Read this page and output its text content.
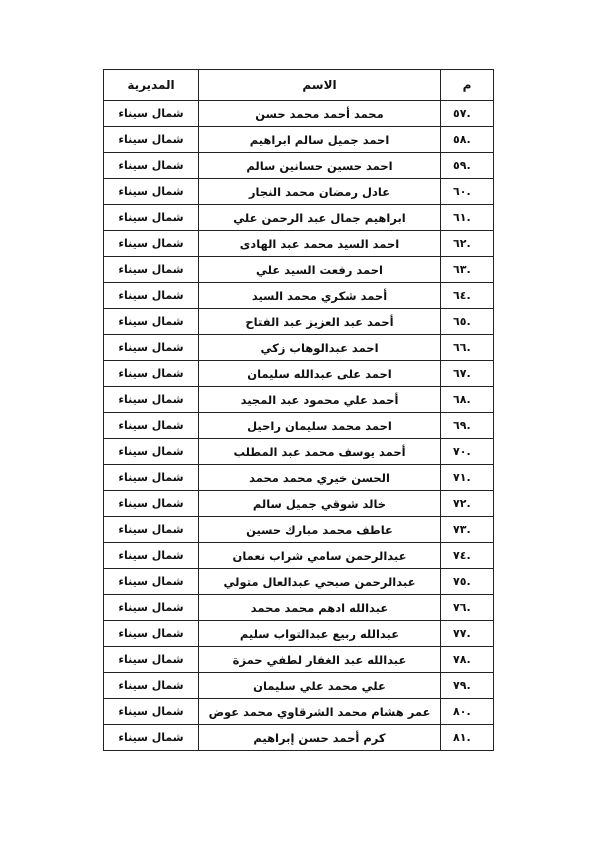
م	الاسم	المديرية
.٥٧	محمد أحمد محمد حسن	شمال سيناء
.٥٨	احمد جميل سالم ابراهيم	شمال سيناء
.٥٩	احمد حسين حسانين سالم	شمال سيناء
.٦٠	عادل رمضان محمد النجار	شمال سيناء
.٦١	ابراهيم جمال عبد الرحمن علي	شمال سيناء
.٦٢	احمد السيد محمد عبد الهادى	شمال سيناء
.٦٣	احمد رفعت السيد علي	شمال سيناء
.٦٤	أحمد شكري محمد السيد	شمال سيناء
.٦٥	أحمد عبد العزيز عبد الفتاح	شمال سيناء
.٦٦	احمد عبدالوهاب زكي	شمال سيناء
.٦٧	احمد على عبدالله سليمان	شمال سيناء
.٦٨	أحمد علي محمود عبد المجيد	شمال سيناء
.٦٩	احمد محمد سليمان راحيل	شمال سيناء
.٧٠	أحمد يوسف محمد عبد المطلب	شمال سيناء
.٧١	الحسن خيري محمد محمد	شمال سيناء
.٧٢	خالد شوقي جميل سالم	شمال سيناء
.٧٣	عاطف محمد مبارك حسين	شمال سيناء
.٧٤	عبدالرحمن سامي شراب نعمان	شمال سيناء
.٧٥	عبدالرحمن صبحي عبدالعال متولي	شمال سيناء
.٧٦	عبدالله ادهم محمد محمد	شمال سيناء
.٧٧	عبدالله ربيع عبدالتواب سليم	شمال سيناء
.٧٨	عبدالله عبد الغفار لطفي حمزة	شمال سيناء
.٧٩	علي محمد علي سليمان	شمال سيناء
.٨٠	عمر هشام محمد الشرقاوي محمد عوض	شمال سيناء
.٨١	كرم أحمد حسن إبراهيم	شمال سيناء
